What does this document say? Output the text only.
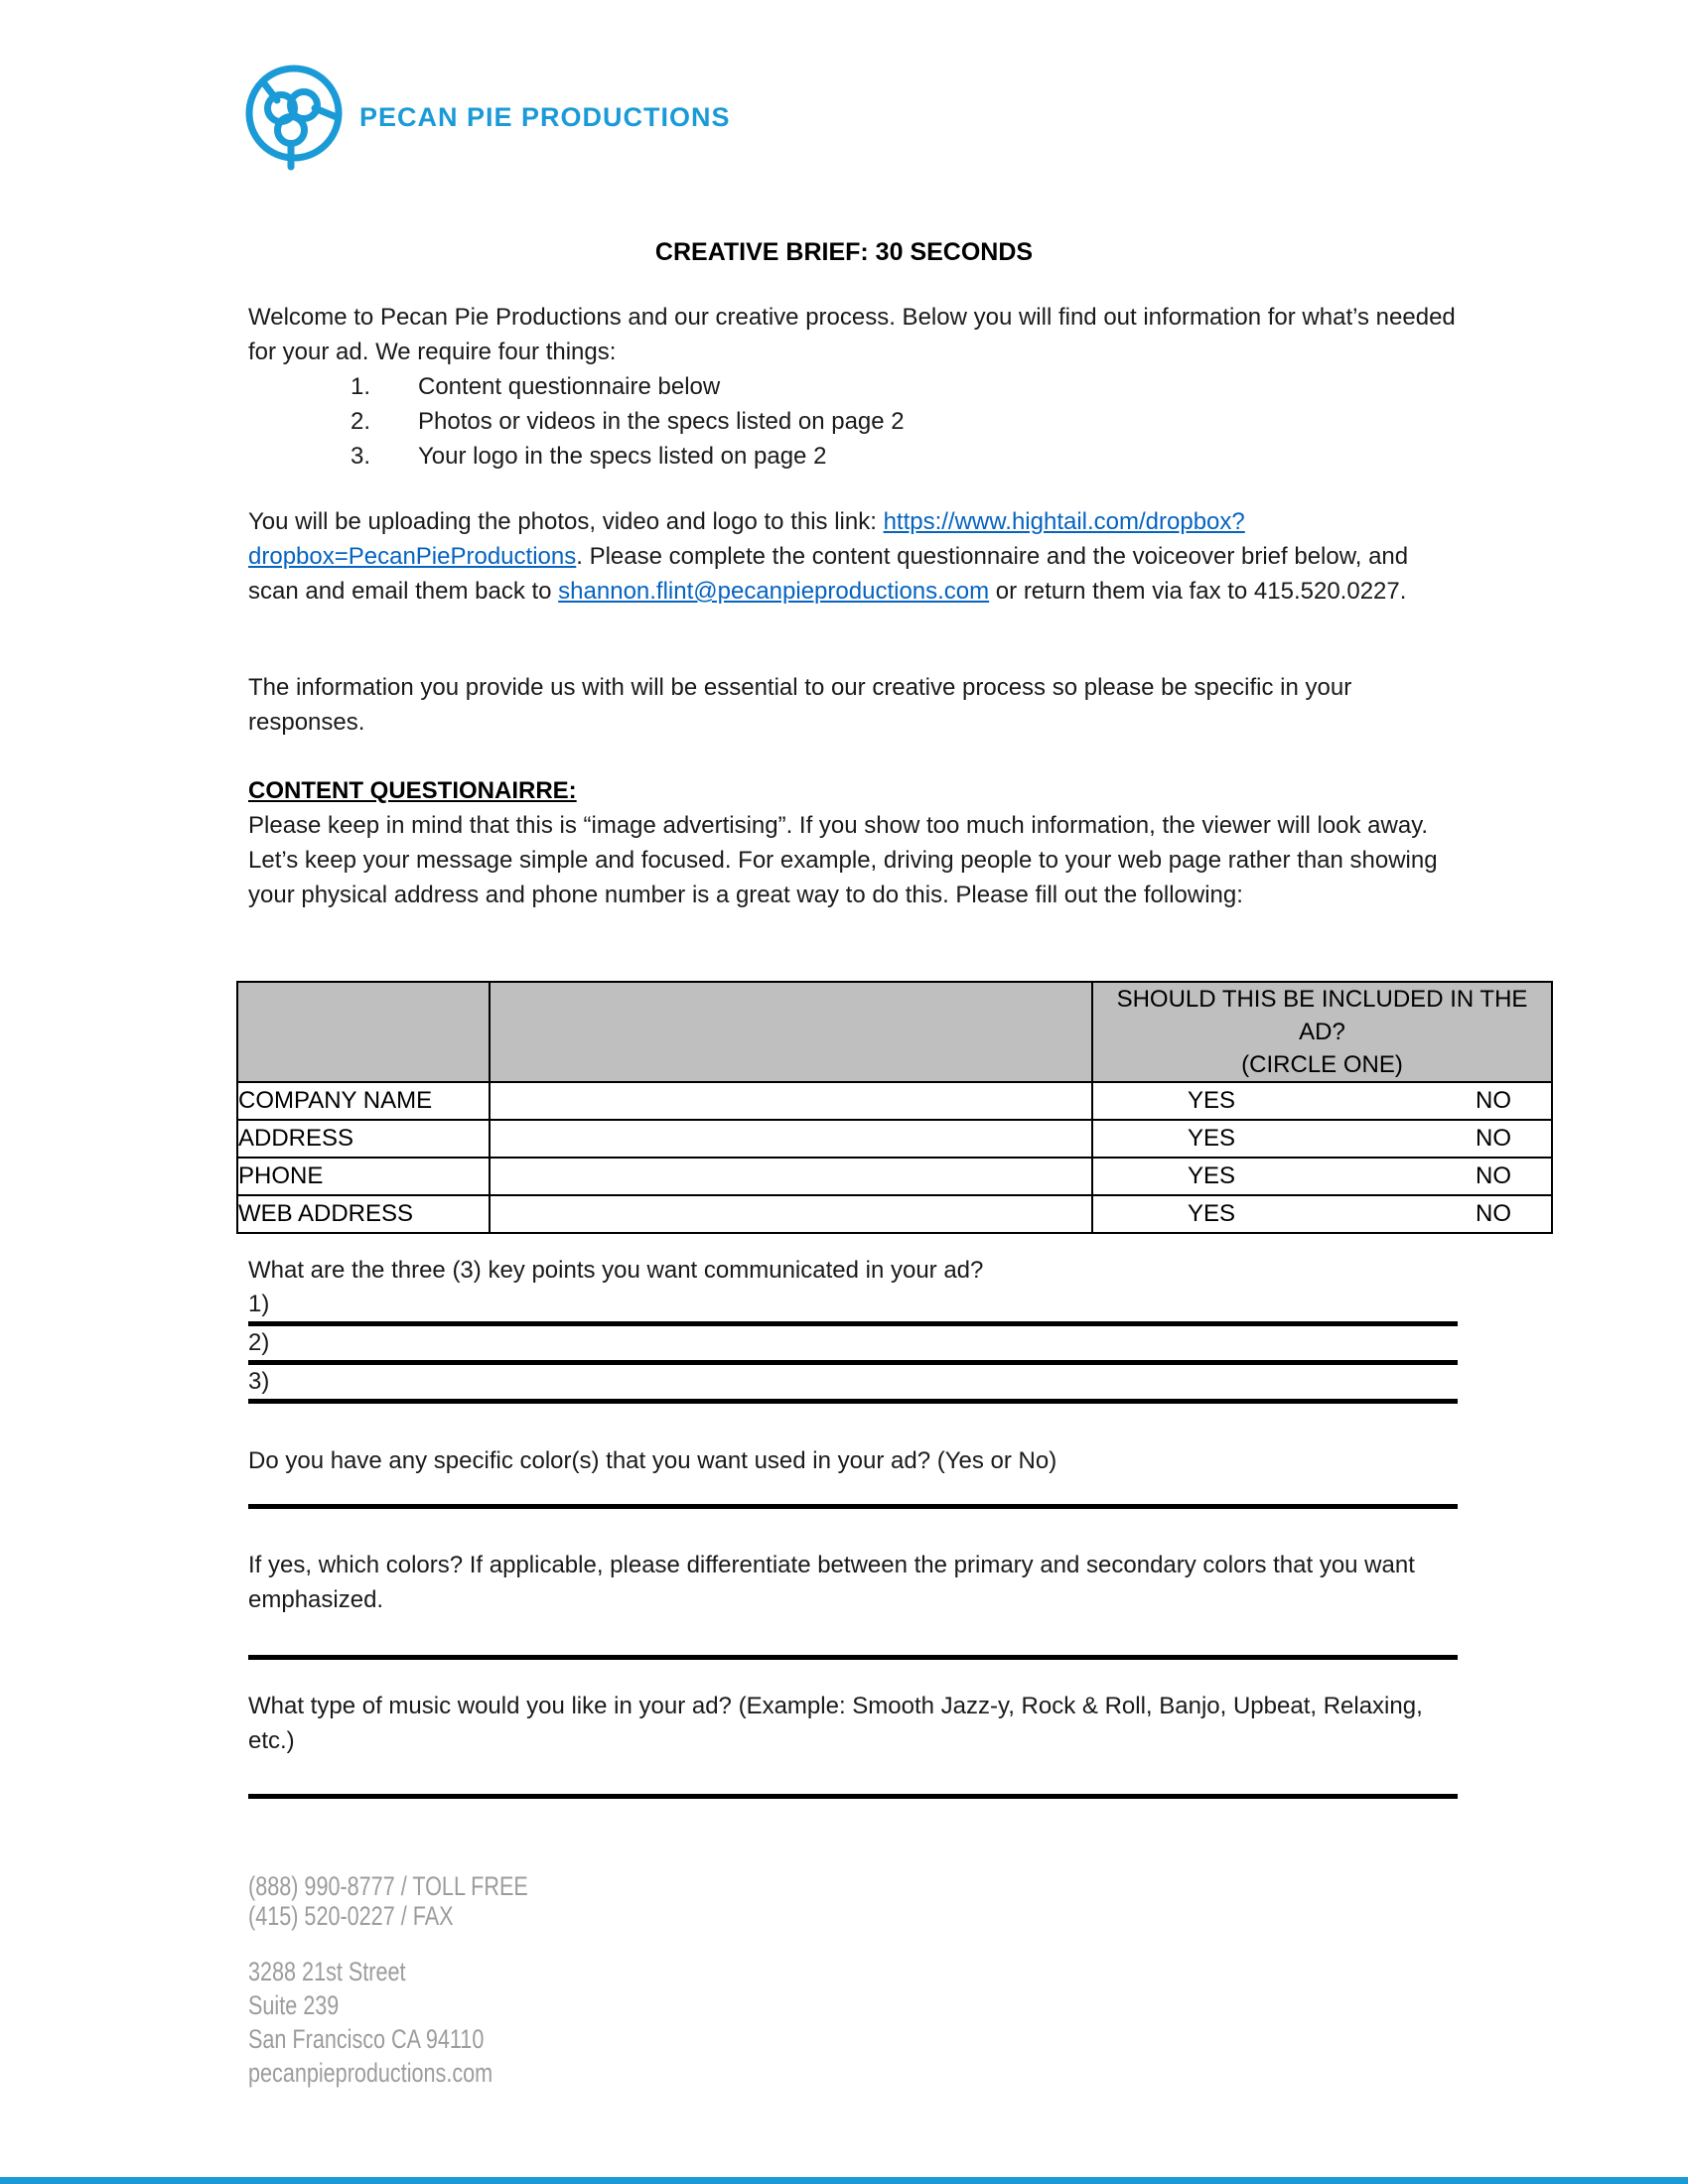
PECAN PIE PRODUCTIONS
CREATIVE BRIEF: 30 SECONDS
Welcome to Pecan Pie Productions and our creative process. Below you will find out information for what’s needed for your ad. We require four things:
1.	Content questionnaire below
2.	Photos or videos in the specs listed on page 2
3.	Your logo in the specs listed on page 2
You will be uploading the photos, video and logo to this link: https://www.hightail.com/dropbox?dropbox=PecanPieProductions. Please complete the content questionnaire and the voiceover brief below, and scan and email them back to shannon.flint@pecanpieproductions.com or return them via fax to 415.520.0227.
The information you provide us with will be essential to our creative process so please be specific in your responses.
CONTENT QUESTIONAIRRE:
Please keep in mind that this is “image advertising”. If you show too much information, the viewer will look away. Let’s keep your message simple and focused. For example, driving people to your web page rather than showing your physical address and phone number is a great way to do this. Please fill out the following:

		SHOULD THIS BE INCLUDED IN THE AD?
(CIRCLE ONE)

COMPANY NAME		YES NO

ADDRESS		YES NO

PHONE		YES NO

WEB ADDRESS		YES NO
What are the three (3) key points you want communicated in your ad?
1)
2)
3)
Do you have any specific color(s) that you want used in your ad? (Yes or No)
If yes, which colors? If applicable, please differentiate between the primary and secondary colors that you want emphasized.
What type of music would you like in your ad? (Example: Smooth Jazz-y, Rock & Roll, Banjo, Upbeat, Relaxing, etc.)
(888) 990-8777 / TOLL FREE
(415) 520-0227 / FAX
3288 21st Street
Suite 239
San Francisco CA 94110
pecanpieproductions.com
